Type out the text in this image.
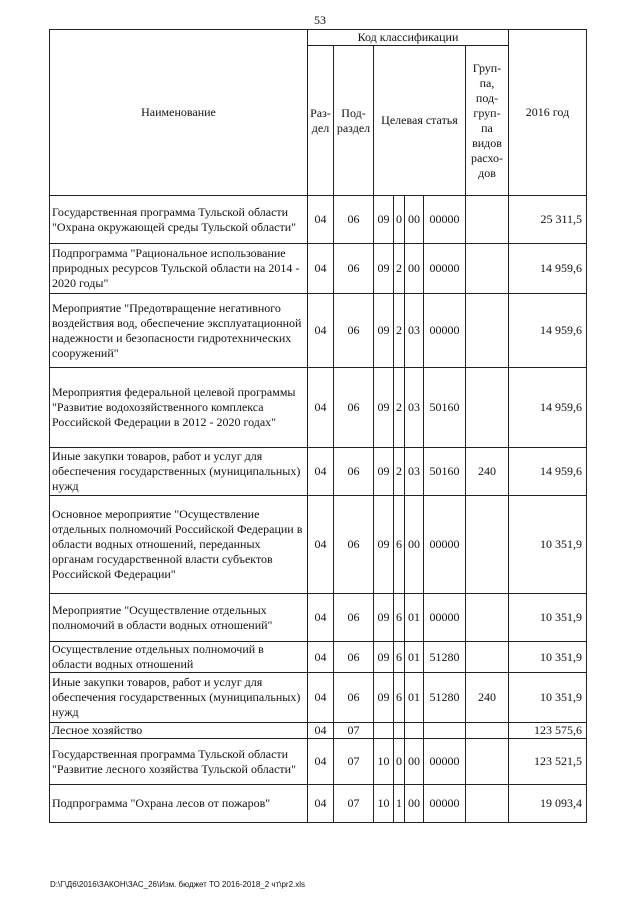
53
Наименование	Код классификации							2016 год
	Раз-дел	Под-раздел	Целевая статья				Груп-па, под-груп-па видов расхо-дов	
Государственная программа Тульской области "Охрана окружающей среды Тульской области"	04	06	09	0	00	00000		25 311,5
Подпрограмма "Рациональное использование природных ресурсов Тульской области на 2014 - 2020 годы"	04	06	09	2	00	00000		14 959,6
Мероприятие "Предотвращение негативного воздействия вод, обеспечение эксплуатационной надежности и безопасности гидротехнических сооружений"	04	06	09	2	03	00000		14 959,6
Мероприятия федеральной целевой программы "Развитие водохозяйственного комплекса Российской Федерации в 2012 - 2020 годах"	04	06	09	2	03	50160		14 959,6
Иные закупки товаров, работ и услуг для обеспечения государственных (муниципальных) нужд	04	06	09	2	03	50160	240	14 959,6
Основное мероприятие "Осуществление отдельных полномочий Российской Федерации в области водных отношений, переданных органам государственной власти субъектов Российской Федерации"	04	06	09	6	00	00000		10 351,9
Мероприятие "Осуществление отдельных полномочий в области водных отношений"	04	06	09	6	01	00000		10 351,9
Осуществление отдельных полномочий в области водных отношений	04	06	09	6	01	51280		10 351,9
Иные закупки товаров, работ и услуг для обеспечения государственных (муниципальных) нужд	04	06	09	6	01	51280	240	10 351,9
Лесное хозяйство	04	07						123 575,6
Государственная программа Тульской области "Развитие лесного хозяйства Тульской области"	04	07	10	0	00	00000		123 521,5
Подпрограмма "Охрана лесов от пожаров"	04	07	10	1	00	00000		19 093,4
D:\Г\Д6\2016\ЗАКОН\ЗАС_26\Изм. бюджет ТО 2016-2018_2 чт\pr2.xls
